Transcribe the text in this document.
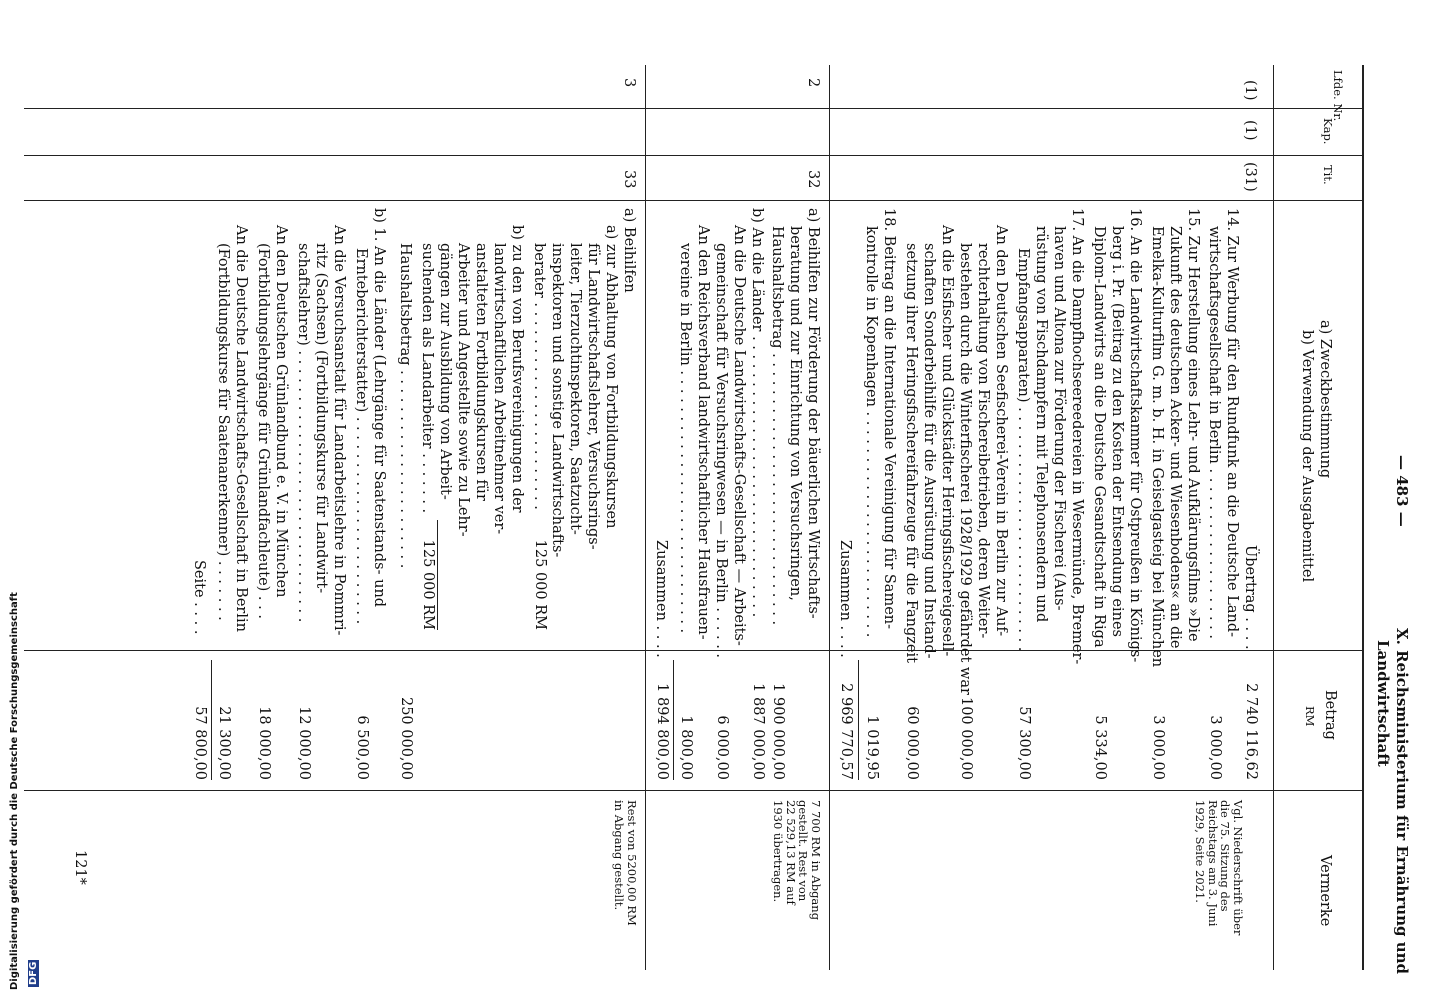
Digitalisierung gefördert durch die Deutsche Forschungsgemeinschaft DFG
— 483 —
X. Reichsministerium für Ernährung und
Landwirtschaft
Lfde. Nr.
Kap.
Tit.
a) Zweckbestimmung
b) Verwendung der Ausgabemittel
Betrag
RM
Vermerke
(1)
(1)
(31)
Übertrag . . . .
2 740 116,62
14. Zur Werbung für den Rundfunk an die Deutsche Land-
wirtschaftsgesellschaft in Berlin . . . . . . . . . . . . . . . . . . .
3 000,00
15. Zur Herstellung eines Lehr- und Aufklärungsfilms »Die
Zukunft des deutschen Acker- und Wiesenbodens« an die
Emelka-Kulturfilm G. m. b. H. in Geiselgasteig bei München
3 000,00
16. An die Landwirtschaftskammer für Ostpreußen in Königs-
berg i. Pr. (Beitrag zu den Kosten der Entsendung eines
Diplom-Landwirts an die Deutsche Gesandtschaft in Riga
5 334,00
17. An die Dampfhochseereedereien in Wesermünde, Bremer-
haven und Altona zur Förderung der Fischerei (Aus-
rüstung von Fischdampfern mit Telephonsendern und
Empfangsapparaten) . . . . . . . . . . . . . . . . . . . . . . . . . . .
57 300,00
An den Deutschen Seefischerei-Verein in Berlin zur Auf-
rechterhaltung von Fischereibetrieben, deren Weiter-
bestehen durch die Winterfischerei 1928/1929 gefährdet war
An die Eisfischer und Glückstädter Heringsfischereigesell-
schaften Sonderbeihilfe für die Ausrüstung und Instand-
setzung ihrer Heringsfischereifahrzeuge für die Fangzeit
100 000,00
60 000,00
18. Beitrag an die Internationale Vereinigung für Samen-
kontrolle in Kopenhagen . . . . . . . . . . . . . . . . . . . . . . . . .
1 019,95
Zusammen . . . .
2 969 770,57
Vgl. Niederschrift über
die 75. Sitzung des
Reichstags am 3. Juni
1929, Seite 2021.
2
32
a) Beihilfen zur Förderung der bäuerlichen Wirtschafts-
beratung und zur Einrichtung von Versuchsringen,
Haushaltsbetrag . . . . . . . . . . . . . . . . . . . . . . . . . . . . . .
1 900 000,00
b) An die Länder . . . . . . . . . . . . . . . . . . . . . . . . . . . . . . .
1 887 000,00
An die Deutsche Landwirtschafts-Gesellschaft — Arbeits-
gemeinschaft für Versuchsringwesen — in Berlin . . . . . .
6 000,00
An den Reichsverband landwirtschaftlicher Hausfrauen-
vereine in Berlin . . . . . . . . . . . . . . . . . . . . . . . . . . . . .
1 800,00
Zusammen . . . .
1 894 800,00
7 700 RM in Abgang
gestellt. Rest von
22 529,13 RM auf
1930 übertragen.
3
33
a) Beihilfen
a) zur Abhaltung von Fortbildungskursen
für Landwirtschaftslehrer, Versuchsrings-
leiter, Tierzuchtinspektoren, Saatzucht-
inspektoren und sonstige Landwirtschafts-
berater . . . . . . . . . . . . . . . . . . . . . . .
125 000 RM
b) zu den von Berufsvereinigungen der
landwirtschaftlichen Arbeitnehmer ver-
anstalteten Fortbildungskursen für
Arbeiter und Angestellte sowie zu Lehr-
gängen zur Ausbildung von Arbeit-
suchenden als Landarbeiter . . . . . . .
125 000 RM
Haushaltsbetrag . . . . . . . . . . . . . . . . . . . . . .
250 000,00
b) 1. An die Länder (Lehrgänge für Saatenstands- und
Ernteberichterstatter) . . . . . . . . . . . . . . . . . . . . . . .
6 500,00
An die Versuchsanstalt für Landarbeitslehre in Pommri-
ritz (Sachsen) (Fortbildungskurse für Landwirt-
schaftslehrer) . . . . . . . . . . . . . . . . . . . . . . . . . . . . . .
12 000,00
An den Deutschen Grünlandbund e. V. in München
(Fortbildungslehrgänge für Grünlandfachleute) . . .
18 000,00
An die Deutsche Landwirtschafts-Gesellschaft in Berlin
(Fortbildungskurse für Saatenanerkenner) . . . . . . .
21 300,00
Seite . . . .
57 800,00
Rest von 5200,00 RM
in Abgang gestellt.
121*
